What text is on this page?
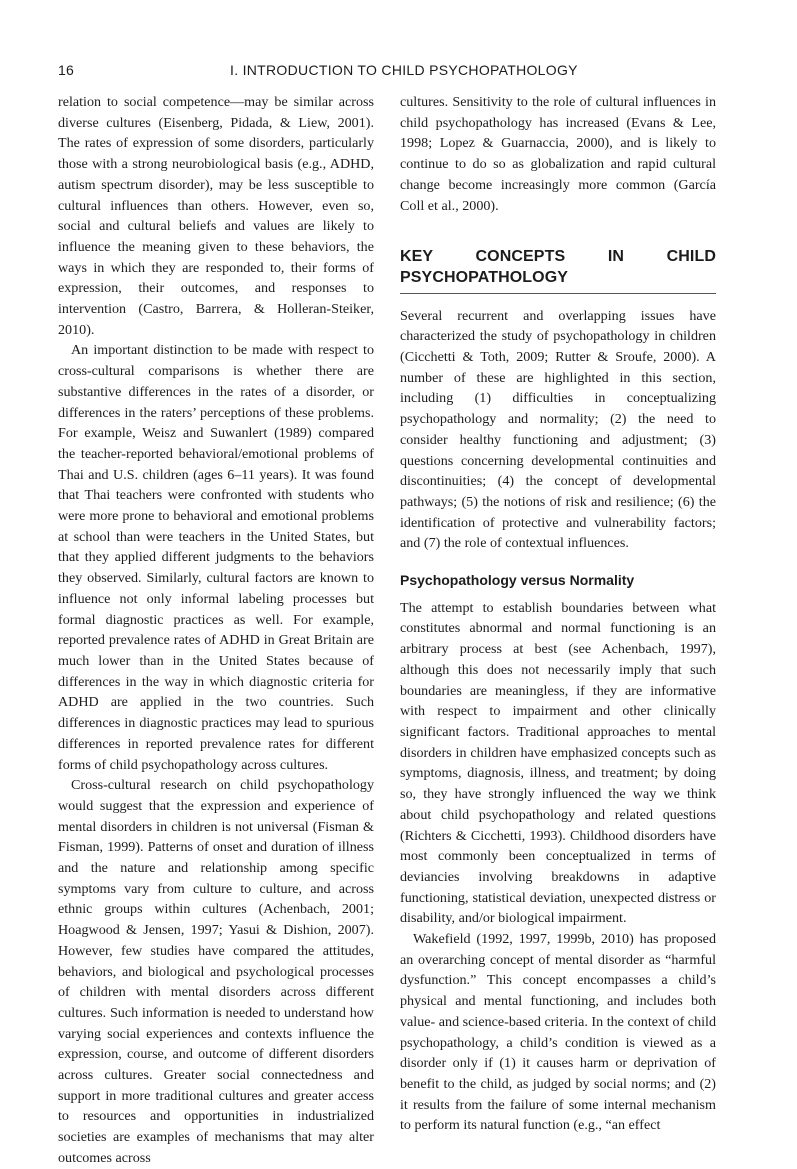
16	I. INTRODUCTION TO CHILD PSYCHOPATHOLOGY

relation to social competence—may be similar across diverse cultures (Eisenberg, Pidada, & Liew, 2001). The rates of expression of some disorders, particularly those with a strong neurobiological basis (e.g., ADHD, autism spectrum disorder), may be less susceptible to cultural influences than others. However, even so, social and cultural beliefs and values are likely to influence the meaning given to these behaviors, the ways in which they are responded to, their forms of expression, their outcomes, and responses to intervention (Castro, Barrera, & Holleran-Steiker, 2010).

An important distinction to be made with respect to cross-cultural comparisons is whether there are substantive differences in the rates of a disorder, or differences in the raters’ perceptions of these problems. For example, Weisz and Suwanlert (1989) compared the teacher-reported behavioral/emotional problems of Thai and U.S. children (ages 6–11 years). It was found that Thai teachers were confronted with students who were more prone to behavioral and emotional problems at school than were teachers in the United States, but that they applied different judgments to the behaviors they observed. Similarly, cultural factors are known to influence not only informal labeling processes but formal diagnostic practices as well. For example, reported prevalence rates of ADHD in Great Britain are much lower than in the United States because of differences in the way in which diagnostic criteria for ADHD are applied in the two countries. Such differences in diagnostic practices may lead to spurious differences in reported prevalence rates for different forms of child psychopathology across cultures.

Cross-cultural research on child psychopathology would suggest that the expression and experience of mental disorders in children is not universal (Fisman & Fisman, 1999). Patterns of onset and duration of illness and the nature and relationship among specific symptoms vary from culture to culture, and across ethnic groups within cultures (Achenbach, 2001; Hoagwood & Jensen, 1997; Yasui & Dishion, 2007). However, few studies have compared the attitudes, behaviors, and biological and psychological processes of children with mental disorders across different cultures. Such information is needed to understand how varying social experiences and contexts influence the expression, course, and outcome of different disorders across cultures. Greater social connectedness and support in more traditional cultures and greater access to resources and opportunities in industrialized societies are examples of mechanisms that may alter outcomes across

cultures. Sensitivity to the role of cultural influences in child psychopathology has increased (Evans & Lee, 1998; Lopez & Guarnaccia, 2000), and is likely to continue to do so as globalization and rapid cultural change become increasingly more common (García Coll et al., 2000).

KEY CONCEPTS IN CHILD PSYCHOPATHOLOGY

Several recurrent and overlapping issues have characterized the study of psychopathology in children (Cicchetti & Toth, 2009; Rutter & Sroufe, 2000). A number of these are highlighted in this section, including (1) difficulties in conceptualizing psychopathology and normality; (2) the need to consider healthy functioning and adjustment; (3) questions concerning developmental continuities and discontinuities; (4) the concept of developmental pathways; (5) the notions of risk and resilience; (6) the identification of protective and vulnerability factors; and (7) the role of contextual influences.

Psychopathology versus Normality

The attempt to establish boundaries between what constitutes abnormal and normal functioning is an arbitrary process at best (see Achenbach, 1997), although this does not necessarily imply that such boundaries are meaningless, if they are informative with respect to impairment and other clinically significant factors. Traditional approaches to mental disorders in children have emphasized concepts such as symptoms, diagnosis, illness, and treatment; by doing so, they have strongly influenced the way we think about child psychopathology and related questions (Richters & Cicchetti, 1993). Childhood disorders have most commonly been conceptualized in terms of deviancies involving breakdowns in adaptive functioning, statistical deviation, unexpected distress or disability, and/or biological impairment.

Wakefield (1992, 1997, 1999b, 2010) has proposed an overarching concept of mental disorder as “harmful dysfunction.” This concept encompasses a child’s physical and mental functioning, and includes both value- and science-based criteria. In the context of child psychopathology, a child’s condition is viewed as a disorder only if (1) it causes harm or deprivation of benefit to the child, as judged by social norms; and (2) it results from the failure of some internal mechanism to perform its natural function (e.g., “an effect
